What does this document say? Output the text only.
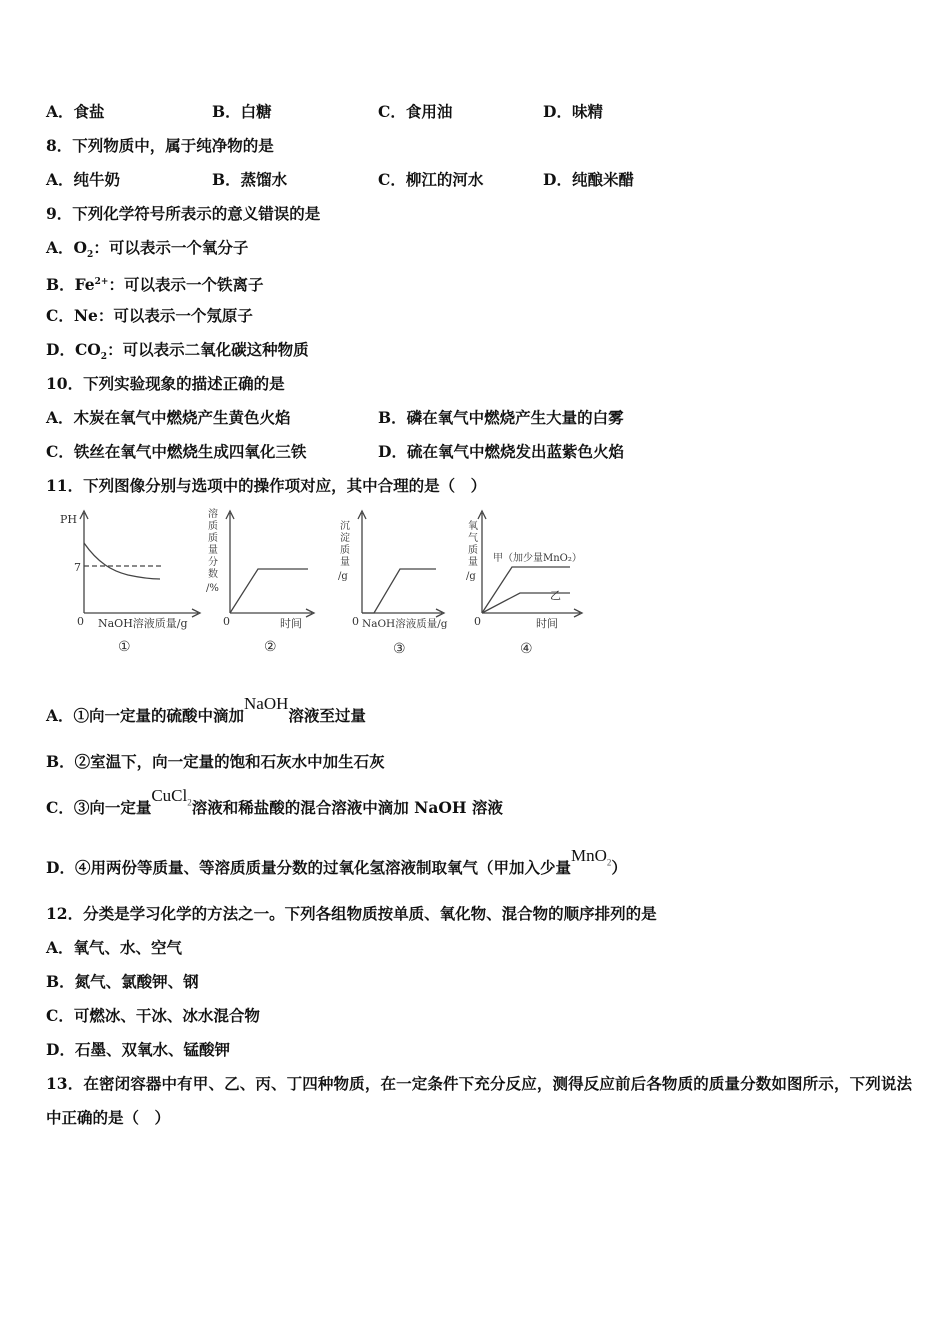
A．食盐	B．白糖	C．食用油	D．味精
8．下列物质中，属于纯净物的是
A．纯牛奶	B．蒸馏水	C．柳江的河水	D．纯酿米醋
9．下列化学符号所表示的意义错误的是
A．$O_2$：可以表示一个氧分子
B．$Fe^{2+}$：可以表示一个铁离子
C．Ne：可以表示一个氖原子
D．$CO_2$：可以表示二氧化碳这种物质
10．下列实验现象的描述正确的是
A．木炭在氧气中燃烧产生黄色火焰	B．磷在氧气中燃烧产生大量的白雾
C．铁丝在氧气中燃烧生成四氧化三铁	D．硫在氧气中燃烧发出蓝紫色火焰
11．下列图像分别与选项中的操作项对应，其中合理的是（　）
PH
7
0 NaOH溶液质量/g
①
溶
质
质
量
分
数
/%
0	时间
②
沉
淀
质
量
/g
0 NaOH溶液质量/g
③
氧
气
质
量
/g
甲（加少量MnO₂）
乙
0	时间
④
A．①向一定量的硫酸中滴加NaOH溶液至过量
B．②室温下，向一定量的饱和石灰水中加生石灰
C．③向一定量CuCl$_2$溶液和稀盐酸的混合溶液中滴加 NaOH 溶液
D．④用两份等质量、等溶质质量分数的过氧化氢溶液制取氧气（甲加入少量MnO$_2$）
12．分类是学习化学的方法之一。下列各组物质按单质、氧化物、混合物的顺序排列的是
A．氧气、水、空气
B．氮气、氯酸钾、钢
C．可燃冰、干冰、冰水混合物
D．石墨、双氧水、锰酸钾
13．在密闭容器中有甲、乙、丙、丁四种物质，在一定条件下充分反应，测得反应前后各物质的质量分数如图所示，下列说法中正确的是（　）
